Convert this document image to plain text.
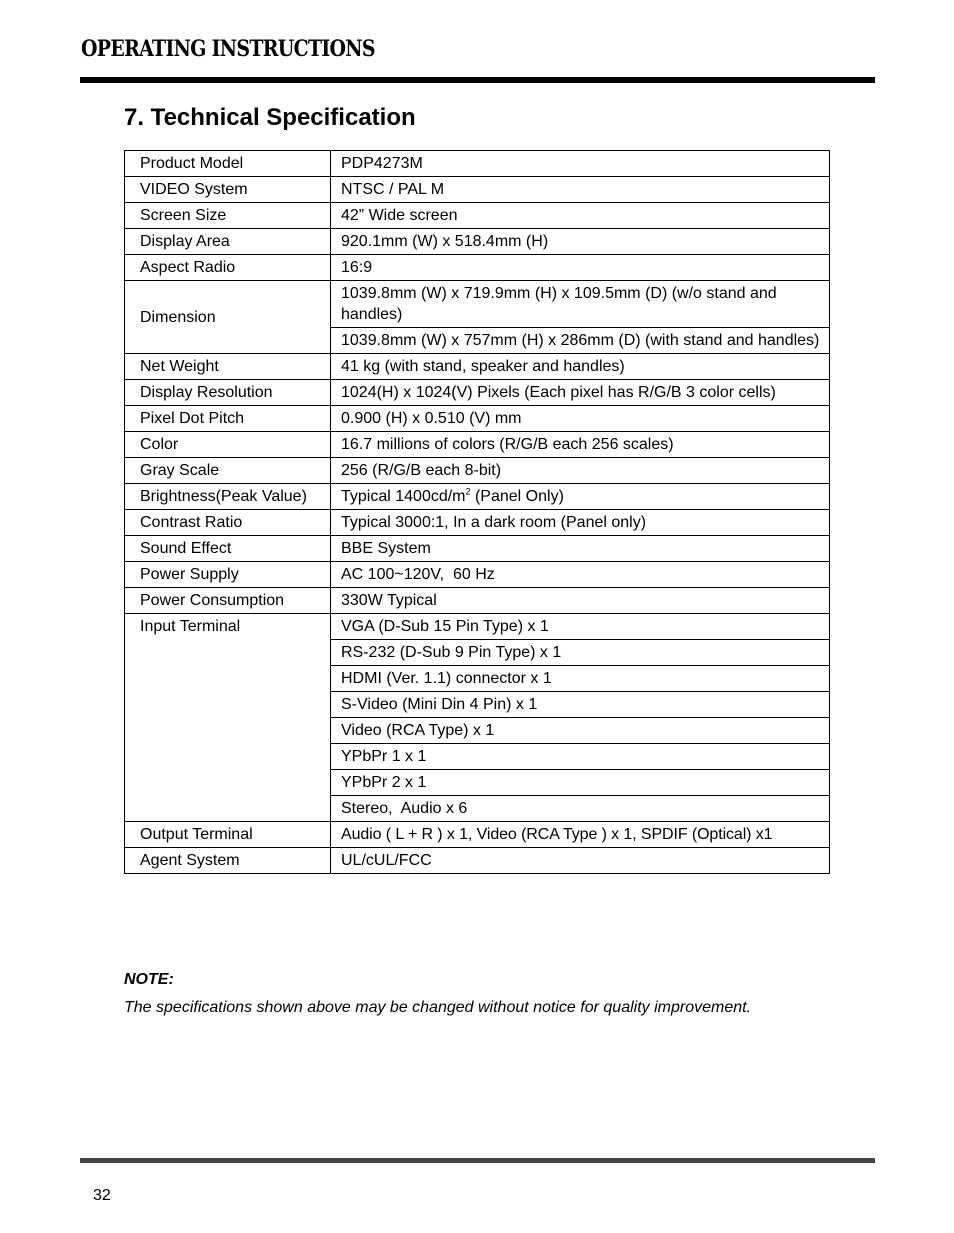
OPERATING INSTRUCTIONS
7. Technical Specification
Product Model	PDP4273M
VIDEO System	NTSC / PAL M
Screen Size	42” Wide screen
Display Area	920.1mm (W) x 518.4mm (H)
Aspect Radio	16:9
Dimension	1039.8mm (W) x 719.9mm (H) x 109.5mm (D) (w/o stand and handles)
	1039.8mm (W) x 757mm (H) x 286mm (D) (with stand and handles)
Net Weight	41 kg (with stand, speaker and handles)
Display Resolution	1024(H) x 1024(V) Pixels (Each pixel has R/G/B 3 color cells)
Pixel Dot Pitch	0.900 (H) x 0.510 (V) mm
Color	16.7 millions of colors (R/G/B each 256 scales)
Gray Scale	256 (R/G/B each 8-bit)
Brightness(Peak Value)	Typical $1400cd/m^2$ (Panel Only)
Contrast Ratio	Typical 3000:1, In a dark room (Panel only)
Sound Effect	BBE System
Power Supply	AC 100~120V,  60 Hz
Power Consumption	330W Typical
Input Terminal	VGA (D-Sub 15 Pin Type) x 1
	RS-232 (D-Sub 9 Pin Type) x 1
	HDMI (Ver. 1.1) connector x 1
	S-Video (Mini Din 4 Pin) x 1
	Video (RCA Type) x 1
	YPbPr 1 x 1
	YPbPr 2 x 1
	Stereo,  Audio x 6
Output Terminal	Audio ( L + R ) x 1, Video (RCA Type ) x 1, SPDIF (Optical) x1
Agent System	UL/cUL/FCC
NOTE:
The specifications shown above may be changed without notice for quality improvement.
32
